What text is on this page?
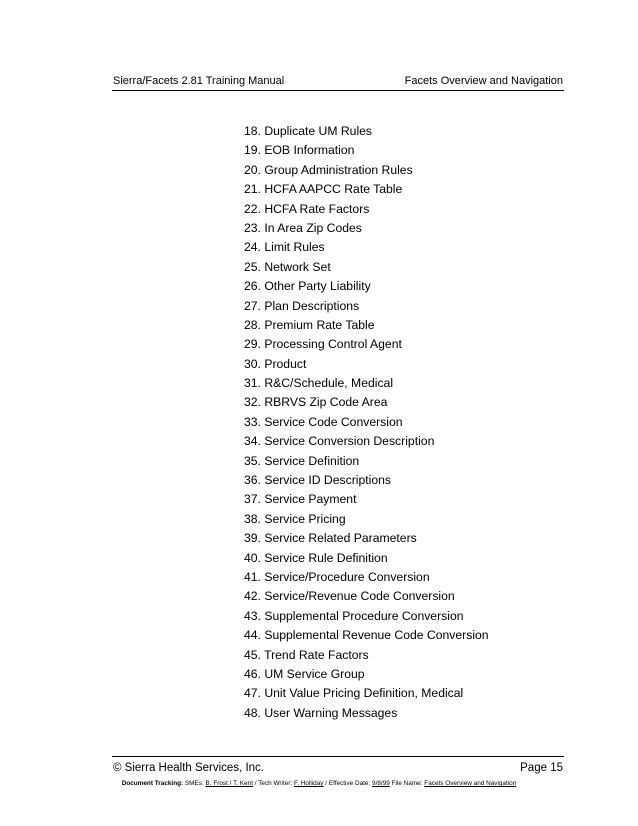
Sierra/Facets 2.81 Training Manual	Facets Overview and Navigation
18. Duplicate UM Rules
19. EOB Information
20. Group Administration Rules
21. HCFA AAPCC Rate Table
22. HCFA Rate Factors
23. In Area Zip Codes
24. Limit Rules
25. Network Set
26. Other Party Liability
27. Plan Descriptions
28. Premium Rate Table
29. Processing Control Agent
30. Product
31. R&C/Schedule, Medical
32. RBRVS Zip Code Area
33. Service Code Conversion
34. Service Conversion Description
35. Service Definition
36. Service ID Descriptions
37. Service Payment
38. Service Pricing
39. Service Related Parameters
40. Service Rule Definition
41. Service/Procedure Conversion
42. Service/Revenue Code Conversion
43. Supplemental Procedure Conversion
44. Supplemental Revenue Code Conversion
45. Trend Rate Factors
46. UM Service Group
47. Unit Value Pricing Definition, Medical
48. User Warning Messages
© Sierra Health Services, Inc.	Page 15
Document Tracking: SMEs: B. Frost / T. Kent / Tech Writer: F. Holliday / Effective Date: 9/8/99 File Name: Facets Overview and Navigation
